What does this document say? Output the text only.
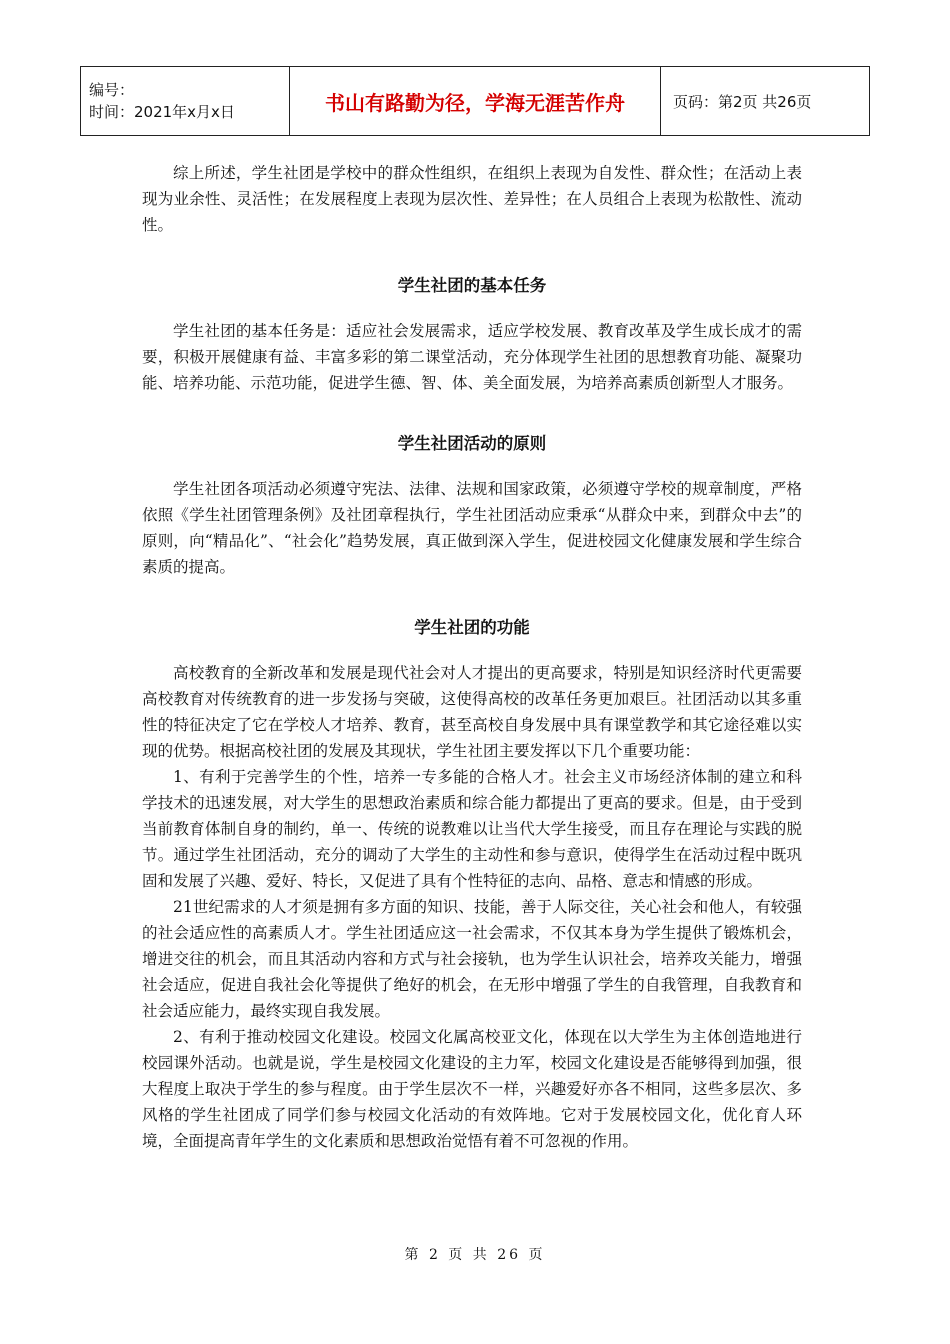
编号：
时间：2021年x月x日	书山有路勤为径，学海无涯苦作舟	页码：第2页 共26页

综上所述，学生社团是学校中的群众性组织，在组织上表现为自发性、群众性；在活动上表现为业余性、灵活性；在发展程度上表现为层次性、差异性；在人员组合上表现为松散性、流动性。

学生社团的基本任务

学生社团的基本任务是：适应社会发展需求，适应学校发展、教育改革及学生成长成才的需要，积极开展健康有益、丰富多彩的第二课堂活动，充分体现学生社团的思想教育功能、凝聚功能、培养功能、示范功能，促进学生德、智、体、美全面发展，为培养高素质创新型人才服务。

学生社团活动的原则

学生社团各项活动必须遵守宪法、法律、法规和国家政策，必须遵守学校的规章制度，严格依照《学生社团管理条例》及社团章程执行，学生社团活动应秉承“从群众中来，到群众中去”的原则，向“精品化”、“社会化”趋势发展，真正做到深入学生，促进校园文化健康发展和学生综合素质的提高。

学生社团的功能

高校教育的全新改革和发展是现代社会对人才提出的更高要求，特别是知识经济时代更需要高校教育对传统教育的进一步发扬与突破，这使得高校的改革任务更加艰巨。社团活动以其多重性的特征决定了它在学校人才培养、教育，甚至高校自身发展中具有课堂教学和其它途径难以实现的优势。根据高校社团的发展及其现状，学生社团主要发挥以下几个重要功能：

1、有利于完善学生的个性，培养一专多能的合格人才。社会主义市场经济体制的建立和科学技术的迅速发展，对大学生的思想政治素质和综合能力都提出了更高的要求。但是，由于受到当前教育体制自身的制约，单一、传统的说教难以让当代大学生接受，而且存在理论与实践的脱节。通过学生社团活动，充分的调动了大学生的主动性和参与意识，使得学生在活动过程中既巩固和发展了兴趣、爱好、特长，又促进了具有个性特征的志向、品格、意志和情感的形成。

21世纪需求的人才须是拥有多方面的知识、技能，善于人际交往，关心社会和他人，有较强的社会适应性的高素质人才。学生社团适应这一社会需求，不仅其本身为学生提供了锻炼机会，增进交往的机会，而且其活动内容和方式与社会接轨，也为学生认识社会，培养攻关能力，增强社会适应，促进自我社会化等提供了绝好的机会，在无形中增强了学生的自我管理，自我教育和社会适应能力，最终实现自我发展。

2、有利于推动校园文化建设。校园文化属高校亚文化，体现在以大学生为主体创造地进行校园课外活动。也就是说，学生是校园文化建设的主力军，校园文化建设是否能够得到加强，很大程度上取决于学生的参与程度。由于学生层次不一样，兴趣爱好亦各不相同，这些多层次、多风格的学生社团成了同学们参与校园文化活动的有效阵地。它对于发展校园文化，优化育人环境，全面提高青年学生的文化素质和思想政治觉悟有着不可忽视的作用。

第 2 页 共 26 页
